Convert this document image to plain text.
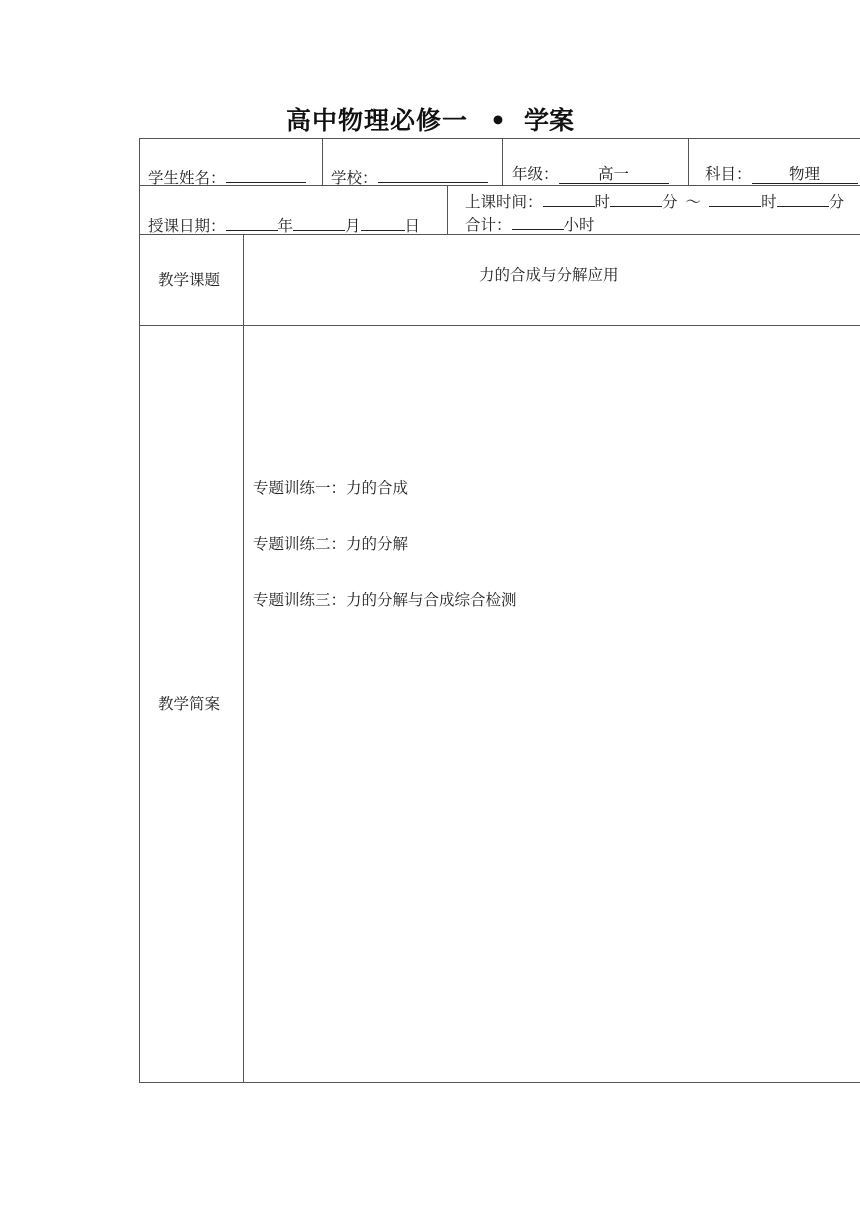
高中物理必修一 • 学案
学生姓名：	学校：	年级：	高一	科目： 物理
授课日期：	年	月	日
上课时间：	时	分 ～	时	分
合计：	小时
教学课题	力的合成与分解应用
教学简案
专题训练一：力的合成
专题训练二：力的分解
专题训练三：力的分解与合成综合检测
